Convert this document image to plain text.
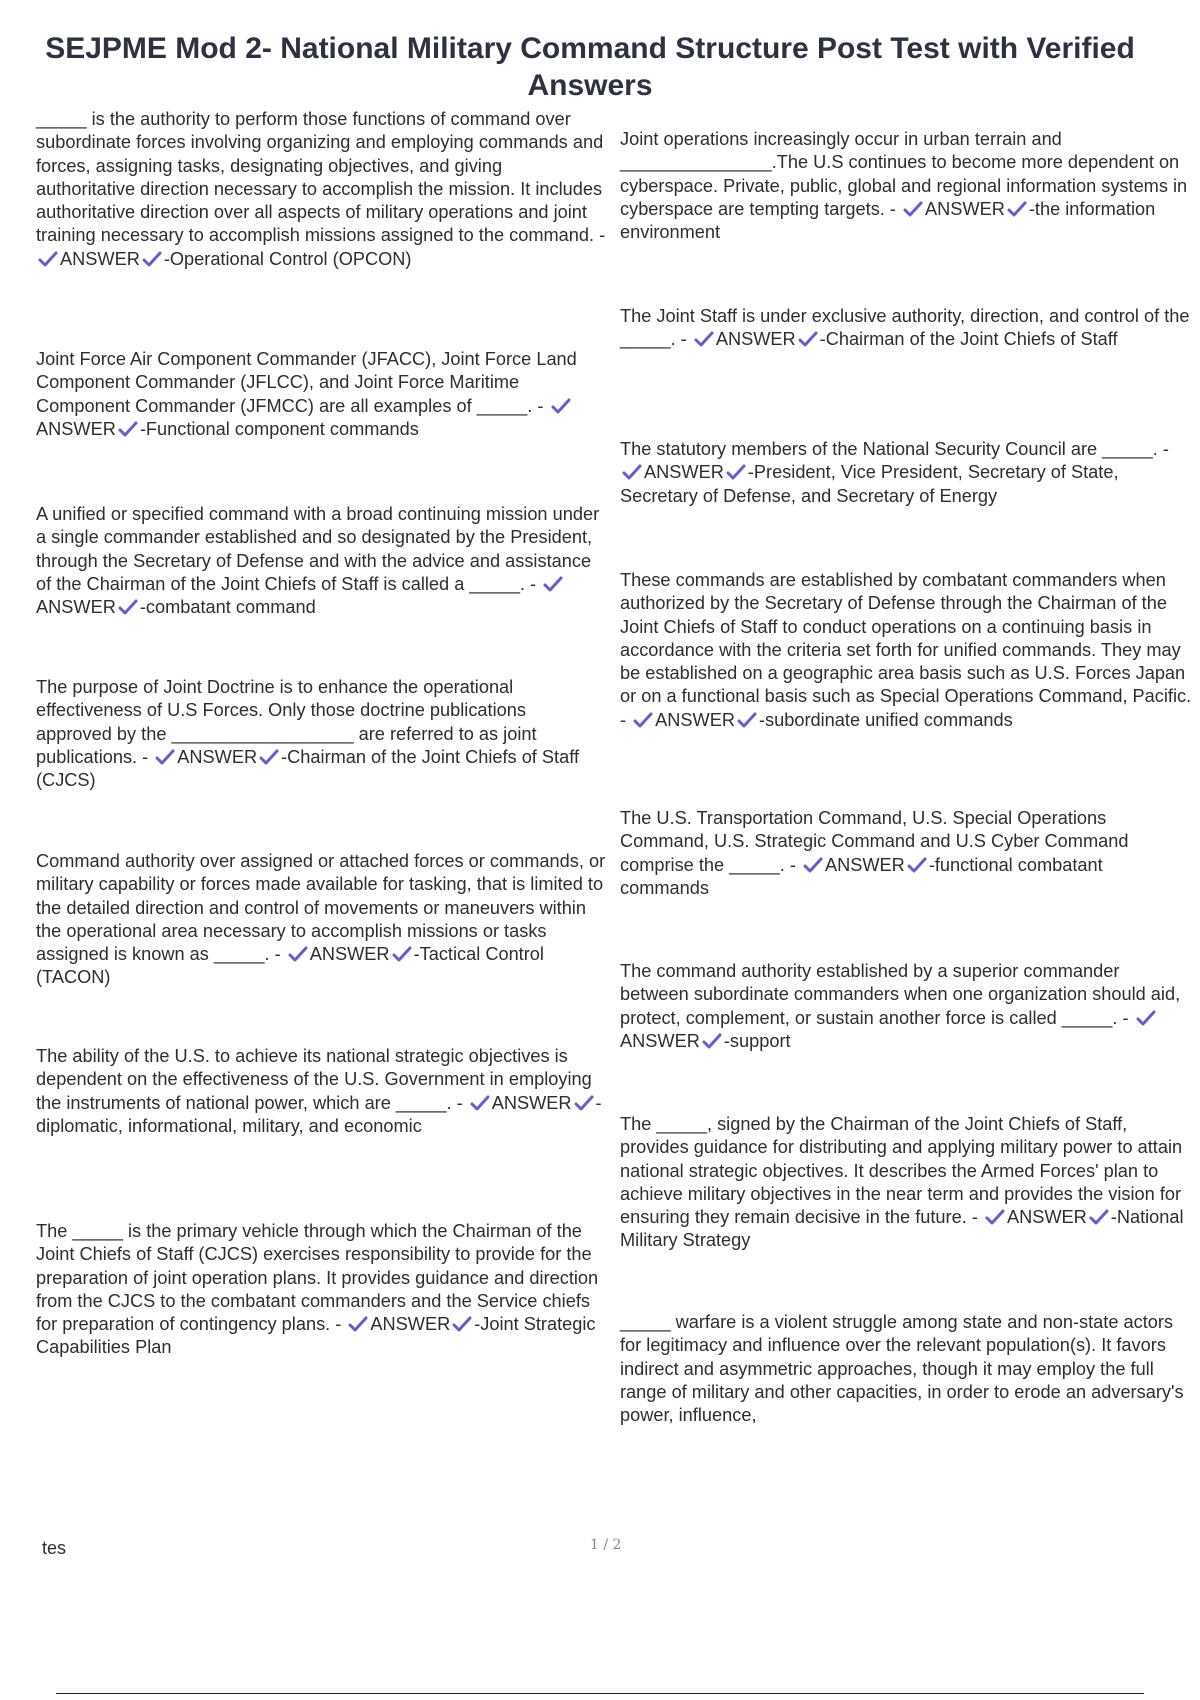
SEJPME Mod 2- National Military Command Structure Post Test with Verified Answers
_____ is the authority to perform those functions of command over subordinate forces involving organizing and employing commands and forces, assigning tasks, designating objectives, and giving authoritative direction necessary to accomplish the mission. It includes authoritative direction over all aspects of military operations and joint training necessary to accomplish missions assigned to the command. -
ANSWER -Operational Control (OPCON)
Joint Force Air Component Commander (JFACC), Joint Force Land Component Commander (JFLCC), and Joint Force Maritime Component Commander (JFMCC) are all examples of _____. -
ANSWER -Functional component commands
A unified or specified command with a broad continuing mission under a single commander established and so designated by the President, through the Secretary of Defense and with the advice and assistance of the Chairman of the Joint Chiefs of Staff is called a _____. -
ANSWER -combatant command
The purpose of Joint Doctrine is to enhance the operational effectiveness of U.S Forces. Only those doctrine publications approved by the __________________ are referred to as joint publications. - ANSWER -Chairman of the Joint Chiefs of Staff (CJCS)
Command authority over assigned or attached forces or commands, or military capability or forces made available for tasking, that is limited to the detailed direction and control of movements or maneuvers within the operational area necessary to accomplish missions or tasks assigned is known as _____. - ANSWER -Tactical Control (TACON)
The ability of the U.S. to achieve its national strategic objectives is dependent on the effectiveness of the U.S. Government in employing the instruments of national power, which are _____. - ANSWER -diplomatic, informational, military, and economic
The _____ is the primary vehicle through which the Chairman of the Joint Chiefs of Staff (CJCS) exercises responsibility to provide for the preparation of joint operation plans. It provides guidance and direction from the CJCS to the combatant commanders and the Service chiefs for preparation of contingency plans. - ANSWER -Joint Strategic Capabilities Plan
Joint operations increasingly occur in urban terrain and _______________.The U.S continues to become more dependent on cyberspace. Private, public, global and regional information systems in cyberspace are tempting targets. - ANSWER -the information environment
The Joint Staff is under exclusive authority, direction, and control of the _____. - ANSWER -Chairman of the Joint Chiefs of Staff
The statutory members of the National Security Council are _____. -
ANSWER -President, Vice President, Secretary of State, Secretary of Defense, and Secretary of Energy
These commands are established by combatant commanders when authorized by the Secretary of Defense through the Chairman of the Joint Chiefs of Staff to conduct operations on a continuing basis in accordance with the criteria set forth for unified commands. They may be established on a geographic area basis such as U.S. Forces Japan or on a functional basis such as Special Operations Command, Pacific. - ANSWER -subordinate unified commands
The U.S. Transportation Command, U.S. Special Operations Command, U.S. Strategic Command and U.S Cyber Command comprise the _____. - ANSWER -functional combatant commands
The command authority established by a superior commander between subordinate commanders when one organization should aid, protect, complement, or sustain another force is called _____. -
ANSWER -support
The _____, signed by the Chairman of the Joint Chiefs of Staff, provides guidance for distributing and applying military power to attain national strategic objectives. It describes the Armed Forces' plan to achieve military objectives in the near term and provides the vision for ensuring they remain decisive in the future. - ANSWER -National Military Strategy
_____ warfare is a violent struggle among state and non-state actors for legitimacy and influence over the relevant population(s). It favors indirect and asymmetric approaches, though it may employ the full range of military and other capacities, in order to erode an adversary's power, influence,
tes	1 / 2
